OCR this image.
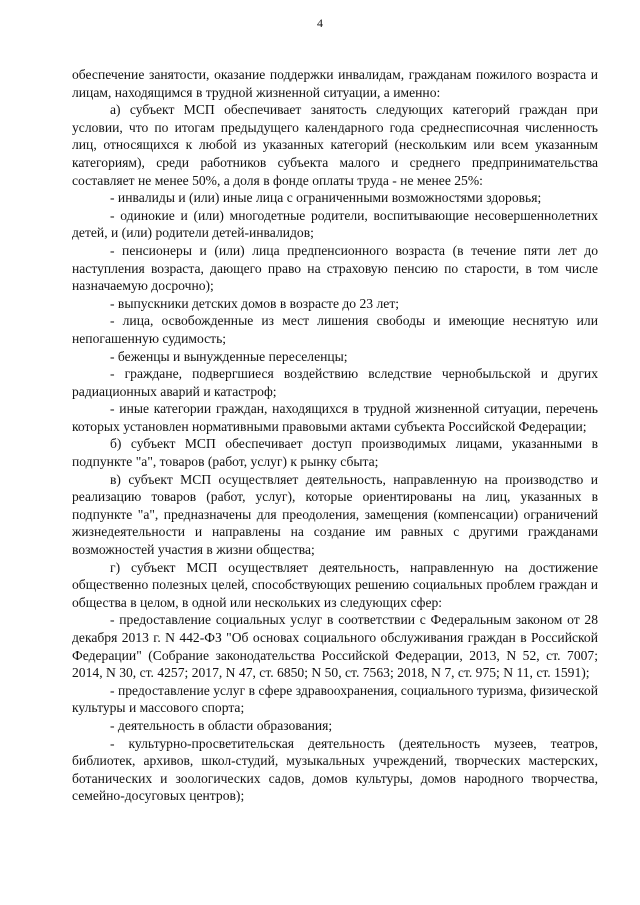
4

обеспечение занятости, оказание поддержки инвалидам, гражданам пожилого возраста и лицам, находящимся в трудной жизненной ситуации, а именно:

а) субъект МСП обеспечивает занятость следующих категорий граждан при условии, что по итогам предыдущего календарного года среднесписочная численность лиц, относящихся к любой из указанных категорий (нескольким или всем указанным категориям), среди работников субъекта малого и среднего предпринимательства составляет не менее 50%, а доля в фонде оплаты труда - не менее 25%:

- инвалиды и (или) иные лица с ограниченными возможностями здоровья;

- одинокие и (или) многодетные родители, воспитывающие несовершеннолетних детей, и (или) родители детей-инвалидов;

- пенсионеры и (или) лица предпенсионного возраста (в течение пяти лет до наступления возраста, дающего право на страховую пенсию по старости, в том числе назначаемую досрочно);

- выпускники детских домов в возрасте до 23 лет;

- лица, освобожденные из мест лишения свободы и имеющие неснятую или непогашенную судимость;

- беженцы и вынужденные переселенцы;

- граждане, подвергшиеся воздействию вследствие чернобыльской и других радиационных аварий и катастроф;

- иные категории граждан, находящихся в трудной жизненной ситуации, перечень которых установлен нормативными правовыми актами субъекта Российской Федерации;

б) субъект МСП обеспечивает доступ производимых лицами, указанными в подпункте "а", товаров (работ, услуг) к рынку сбыта;

в) субъект МСП осуществляет деятельность, направленную на производство и реализацию товаров (работ, услуг), которые ориентированы на лиц, указанных в подпункте "а", предназначены для преодоления, замещения (компенсации) ограничений жизнедеятельности и направлены на создание им равных с другими гражданами возможностей участия в жизни общества;

г) субъект МСП осуществляет деятельность, направленную на достижение общественно полезных целей, способствующих решению социальных проблем граждан и общества в целом, в одной или нескольких из следующих сфер:

- предоставление социальных услуг в соответствии с Федеральным законом от 28 декабря 2013 г. N 442-ФЗ "Об основах социального обслуживания граждан в Российской Федерации" (Собрание законодательства Российской Федерации, 2013, N 52, ст. 7007; 2014, N 30, ст. 4257; 2017, N 47, ст. 6850; N 50, ст. 7563; 2018, N 7, ст. 975; N 11, ст. 1591);

- предоставление услуг в сфере здравоохранения, социального туризма, физической культуры и массового спорта;

- деятельность в области образования;

- культурно-просветительская деятельность (деятельность музеев, театров, библиотек, архивов, школ-студий, музыкальных учреждений, творческих мастерских, ботанических и зоологических садов, домов культуры, домов народного творчества, семейно-досуговых центров);
